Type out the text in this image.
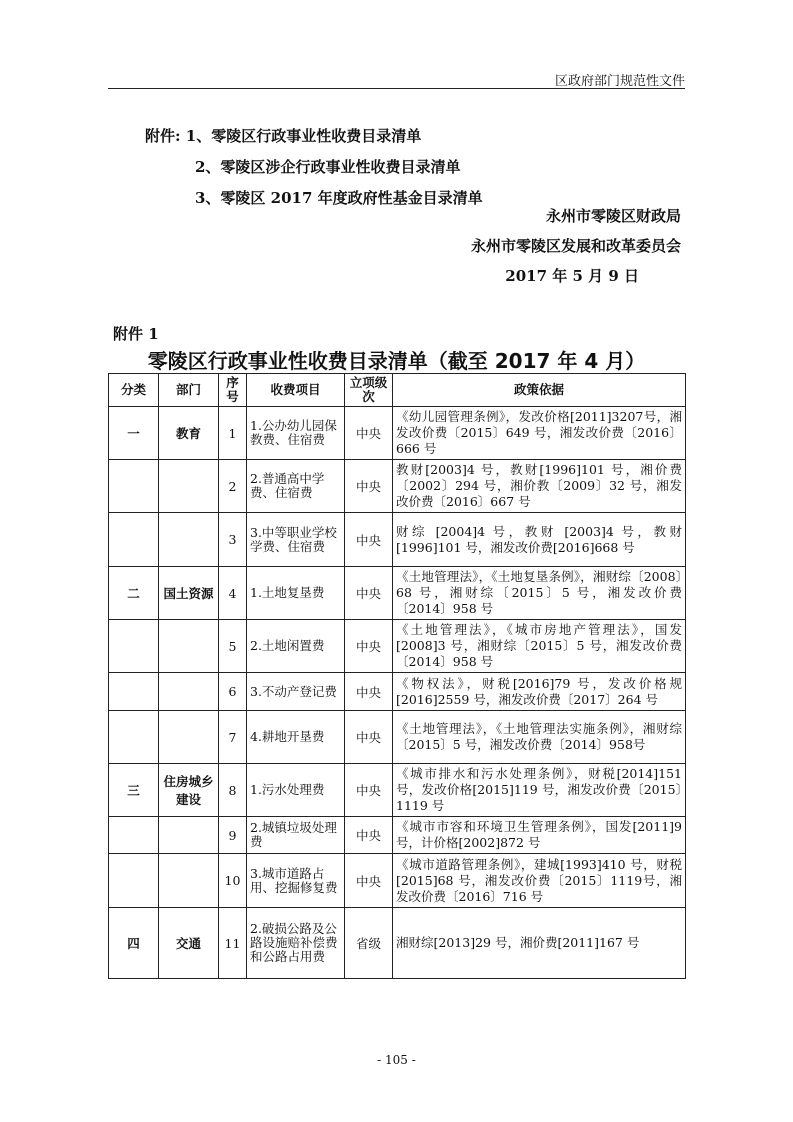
区政府部门规范性文件
附件: 1、零陵区行政事业性收费目录清单
2、零陵区涉企行政事业性收费目录清单
3、零陵区 2017 年度政府性基金目录清单
永州市零陵区财政局
永州市零陵区发展和改革委员会
2017 年 5 月 9 日
附件 1
零陵区行政事业性收费目录清单（截至 2017 年 4 月）
分类	部门	序号	收费项目	立项级次	政策依据
一	教育	1	1.公办幼儿园保教费、住宿费	中央	《幼儿园管理条例》，发改价格[2011]3207号，湘发改价费〔2015〕649 号，湘发改价费〔2016〕666 号
		2	2.普通高中学费、住宿费	中央	教财[2003]4 号，教财[1996]101 号，湘价费〔2002〕294 号，湘价教〔2009〕32 号，湘发改价费〔2016〕667 号
		3	3.中等职业学校学费、住宿费	中央	财综 [2004]4 号，教财 [2003]4 号，教财[1996]101 号，湘发改价费[2016]668 号
二	国土资源	4	1.土地复垦费	中央	《土地管理法》，《土地复垦条例》，湘财综〔2008〕68 号，湘财综〔2015〕5 号，湘发改价费〔2014〕958 号
		5	2.土地闲置费	中央	《土地管理法》，《城市房地产管理法》，国发[2008]3 号，湘财综〔2015〕5 号，湘发改价费〔2014〕958 号
		6	3.不动产登记费	中央	《物权法》，财税[2016]79 号，发改价格规[2016]2559 号，湘发改价费〔2017〕264 号
		7	4.耕地开垦费	中央	《土地管理法》，《土地管理法实施条例》，湘财综〔2015〕5 号，湘发改价费〔2014〕958号
三	住房城乡建设	8	1.污水处理费	中央	《城市排水和污水处理条例》，财税[2014]151 号，发改价格[2015]119 号，湘发改价费〔2015〕1119 号
		9	2.城镇垃圾处理费	中央	《城市市容和环境卫生管理条例》，国发[2011]9 号，计价格[2002]872 号
		10	3.城市道路占用、挖掘修复费	中央	《城市道路管理条例》，建城[1993]410 号，财税[2015]68 号，湘发改价费〔2015〕1119号，湘发改价费〔2016〕716 号
四	交通	11	2.破损公路及公路设施赔补偿费和公路占用费	省级	湘财综[2013]29 号，湘价费[2011]167 号
- 105 -
